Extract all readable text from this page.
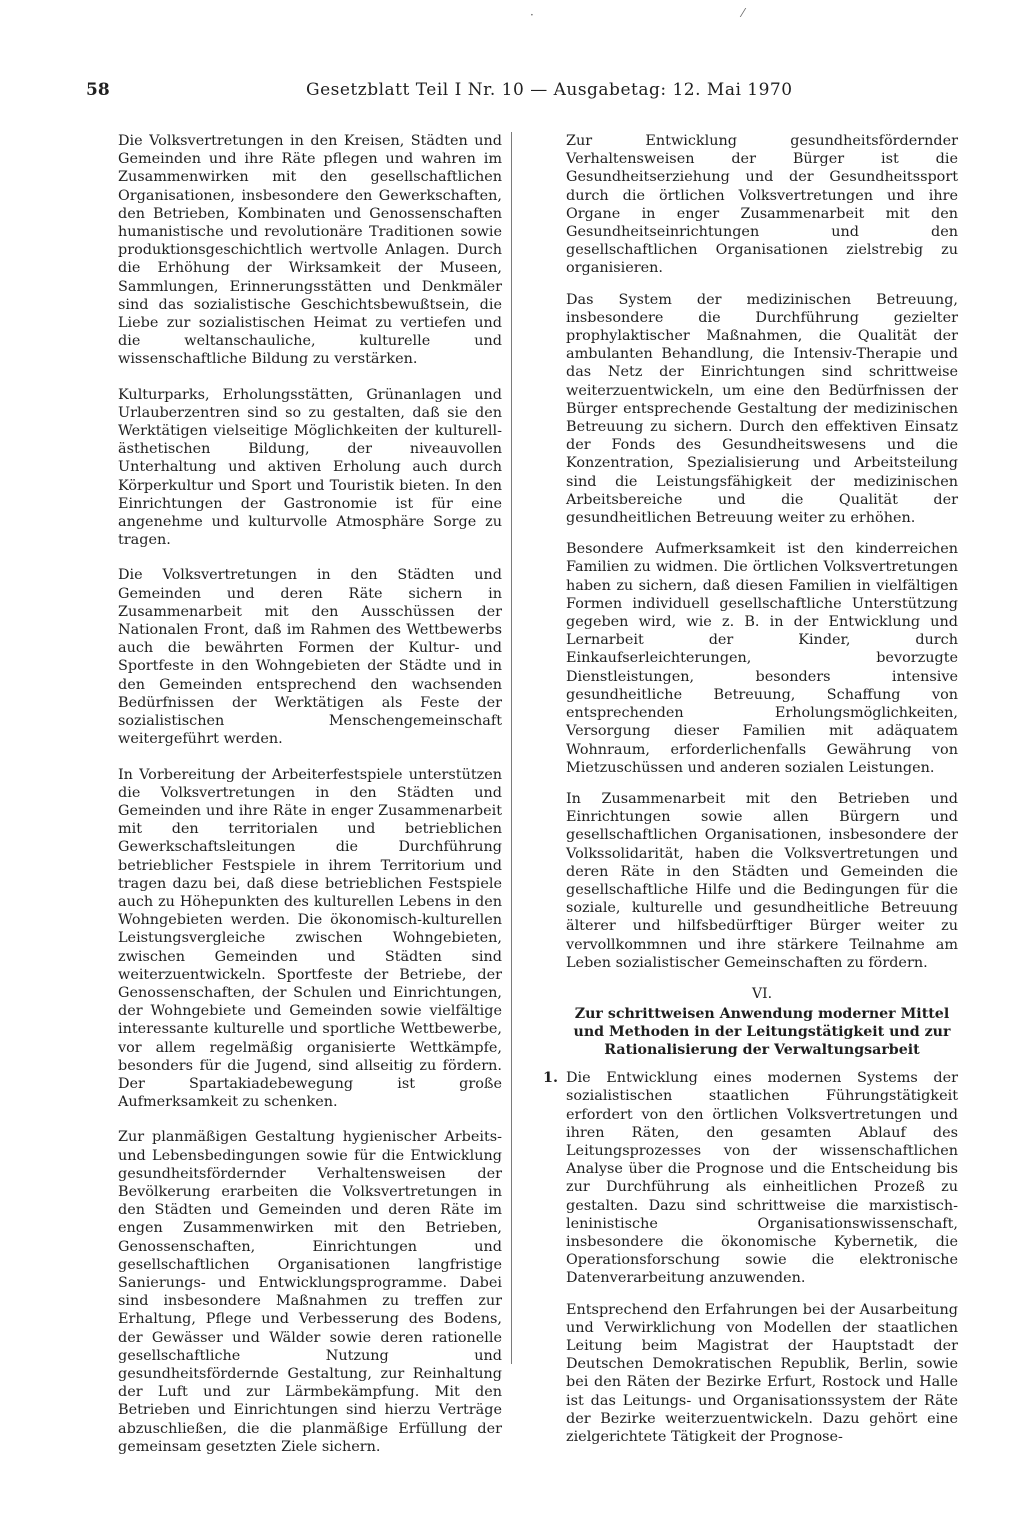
·	⁄
58	Gesetzblatt Teil I Nr. 10 — Ausgabetag: 12. Mai 1970

Die Volksvertretungen in den Kreisen, Städten und Gemeinden und ihre Räte pflegen und wahren im Zusammenwirken mit den gesellschaftlichen Organisationen, insbesondere den Gewerkschaften, den Betrieben, Kombinaten und Genossenschaften humanistische und revolutionäre Traditionen sowie produktionsgeschichtlich wertvolle Anlagen. Durch die Erhöhung der Wirksamkeit der Museen, Sammlungen, Erinnerungsstätten und Denkmäler sind das sozialistische Geschichtsbewußtsein, die Liebe zur sozialistischen Heimat zu vertiefen und die weltanschauliche, kulturelle und wissenschaftliche Bildung zu verstärken.

Kulturparks, Erholungsstätten, Grünanlagen und Urlauberzentren sind so zu gestalten, daß sie den Werktätigen vielseitige Möglichkeiten der kulturell-ästhetischen Bildung, der niveauvollen Unterhaltung und aktiven Erholung auch durch Körperkultur und Sport und Touristik bieten. In den Einrichtungen der Gastronomie ist für eine angenehme und kulturvolle Atmosphäre Sorge zu tragen.

Die Volksvertretungen in den Städten und Gemeinden und deren Räte sichern in Zusammenarbeit mit den Ausschüssen der Nationalen Front, daß im Rahmen des Wettbewerbs auch die bewährten Formen der Kultur- und Sportfeste in den Wohngebieten der Städte und in den Gemeinden entsprechend den wachsenden Bedürfnissen der Werktätigen als Feste der sozialistischen Menschengemeinschaft weitergeführt werden.

In Vorbereitung der Arbeiterfestspiele unterstützen die Volksvertretungen in den Städten und Gemeinden und ihre Räte in enger Zusammenarbeit mit den territorialen und betrieblichen Gewerkschaftsleitungen die Durchführung betrieblicher Festspiele in ihrem Territorium und tragen dazu bei, daß diese betrieblichen Festspiele auch zu Höhepunkten des kulturellen Lebens in den Wohngebieten werden. Die ökonomisch-kulturellen Leistungsvergleiche zwischen Wohngebieten, zwischen Gemeinden und Städten sind weiterzuentwickeln. Sportfeste der Betriebe, der Genossenschaften, der Schulen und Einrichtungen, der Wohngebiete und Gemeinden sowie vielfältige interessante kulturelle und sportliche Wettbewerbe, vor allem regelmäßig organisierte Wettkämpfe, besonders für die Jugend, sind allseitig zu fördern. Der Spartakiadebewegung ist große Aufmerksamkeit zu schenken.

Zur planmäßigen Gestaltung hygienischer Arbeits- und Lebensbedingungen sowie für die Entwicklung gesundheitsfördernder Verhaltensweisen der Bevölkerung erarbeiten die Volksvertretungen in den Städten und Gemeinden und deren Räte im engen Zusammenwirken mit den Betrieben, Genossenschaften, Einrichtungen und gesellschaftlichen Organisationen langfristige Sanierungs- und Entwicklungsprogramme. Dabei sind insbesondere Maßnahmen zu treffen zur Erhaltung, Pflege und Verbesserung des Bodens, der Gewässer und Wälder sowie deren rationelle gesellschaftliche Nutzung und gesundheitsfördernde Gestaltung, zur Reinhaltung der Luft und zur Lärmbekämpfung. Mit den Betrieben und Einrichtungen sind hierzu Verträge abzuschließen, die die planmäßige Erfüllung der gemeinsam gesetzten Ziele sichern.

Zur Entwicklung gesundheitsfördernder Verhaltensweisen der Bürger ist die Gesundheitserziehung und der Gesundheitssport durch die örtlichen Volksvertretungen und ihre Organe in enger Zusammenarbeit mit den Gesundheitseinrichtungen und den gesellschaftlichen Organisationen zielstrebig zu organisieren.

Das System der medizinischen Betreuung, insbesondere die Durchführung gezielter prophylaktischer Maßnahmen, die Qualität der ambulanten Behandlung, die Intensiv-Therapie und das Netz der Einrichtungen sind schrittweise weiterzuentwickeln, um eine den Bedürfnissen der Bürger entsprechende Gestaltung der medizinischen Betreuung zu sichern. Durch den effektiven Einsatz der Fonds des Gesundheitswesens und die Konzentration, Spezialisierung und Arbeitsteilung sind die Leistungsfähigkeit der medizinischen Arbeitsbereiche und die Qualität der gesundheitlichen Betreuung weiter zu erhöhen.

Besondere Aufmerksamkeit ist den kinderreichen Familien zu widmen. Die örtlichen Volksvertretungen haben zu sichern, daß diesen Familien in vielfältigen Formen individuell gesellschaftliche Unterstützung gegeben wird, wie z. B. in der Entwicklung und Lernarbeit der Kinder, durch Einkaufserleichterungen, bevorzugte Dienstleistungen, besonders intensive gesundheitliche Betreuung, Schaffung von entsprechenden Erholungsmöglichkeiten, Versorgung dieser Familien mit adäquatem Wohnraum, erforderlichenfalls Gewährung von Mietzuschüssen und anderen sozialen Leistungen.

In Zusammenarbeit mit den Betrieben und Einrichtungen sowie allen Bürgern und gesellschaftlichen Organisationen, insbesondere der Volkssolidarität, haben die Volksvertretungen und deren Räte in den Städten und Gemeinden die gesellschaftliche Hilfe und die Bedingungen für die soziale, kulturelle und gesundheitliche Betreuung älterer und hilfsbedürftiger Bürger weiter zu vervollkommnen und ihre stärkere Teilnahme am Leben sozialistischer Gemeinschaften zu fördern.

VI.
Zur schrittweisen Anwendung moderner Mittel und Methoden in der Leitungstätigkeit und zur Rationalisierung der Verwaltungsarbeit
1. Die Entwicklung eines modernen Systems der sozialistischen staatlichen Führungstätigkeit erfordert von den örtlichen Volksvertretungen und ihren Räten, den gesamten Ablauf des Leitungsprozesses von der wissenschaftlichen Analyse über die Prognose und die Entscheidung bis zur Durchführung als einheitlichen Prozeß zu gestalten. Dazu sind schrittweise die marxistisch-leninistische Organisationswissenschaft, insbesondere die ökonomische Kybernetik, die Operationsforschung sowie die elektronische Datenverarbeitung anzuwenden.

Entsprechend den Erfahrungen bei der Ausarbeitung und Verwirklichung von Modellen der staatlichen Leitung beim Magistrat der Hauptstadt der Deutschen Demokratischen Republik, Berlin, sowie bei den Räten der Bezirke Erfurt, Rostock und Halle ist das Leitungs- und Organisationssystem der Räte der Bezirke weiterzuentwickeln. Dazu gehört eine zielgerichtete Tätigkeit der Prognose-
